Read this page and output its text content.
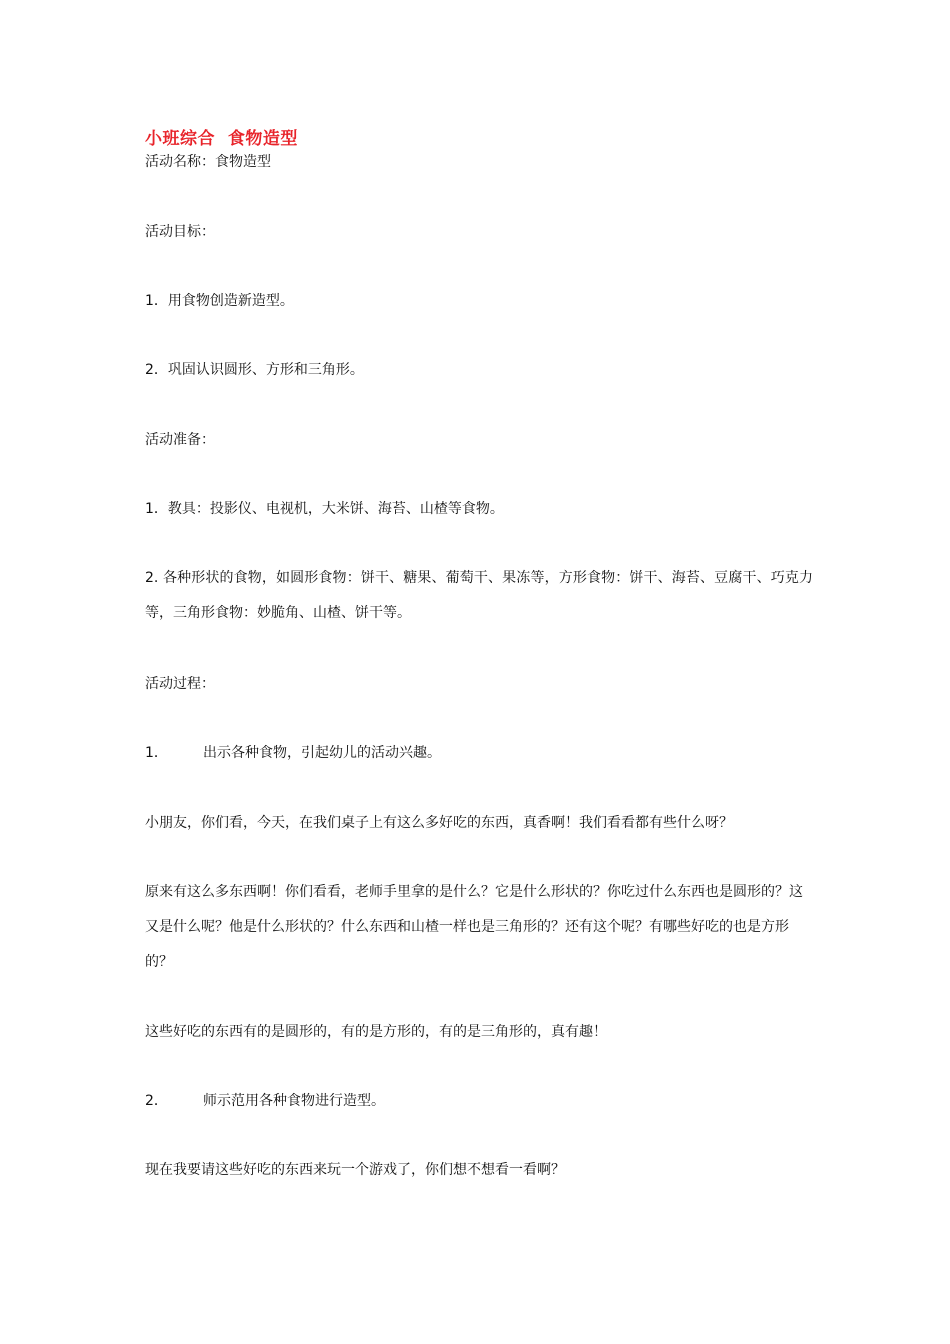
小班综合  食物造型
活动名称：食物造型
活动目标：
1．用食物创造新造型。
2．巩固认识圆形、方形和三角形。
活动准备：
1．教具：投影仪、电视机，大米饼、海苔、山楂等食物。
2. 各种形状的食物，如圆形食物：饼干、糖果、葡萄干、果冻等，方形食物：饼干、海苔、豆腐干、巧克力等，三角形食物：妙脆角、山楂、饼干等。
活动过程：
1．	出示各种食物，引起幼儿的活动兴趣。
小朋友，你们看，今天，在我们桌子上有这么多好吃的东西，真香啊！我们看看都有些什么呀？
原来有这么多东西啊！你们看看，老师手里拿的是什么？它是什么形状的？你吃过什么东西也是圆形的？这又是什么呢？他是什么形状的？什么东西和山楂一样也是三角形的？还有这个呢？有哪些好吃的也是方形的？
这些好吃的东西有的是圆形的，有的是方形的，有的是三角形的，真有趣！
2．	师示范用各种食物进行造型。
现在我要请这些好吃的东西来玩一个游戏了，你们想不想看一看啊？
